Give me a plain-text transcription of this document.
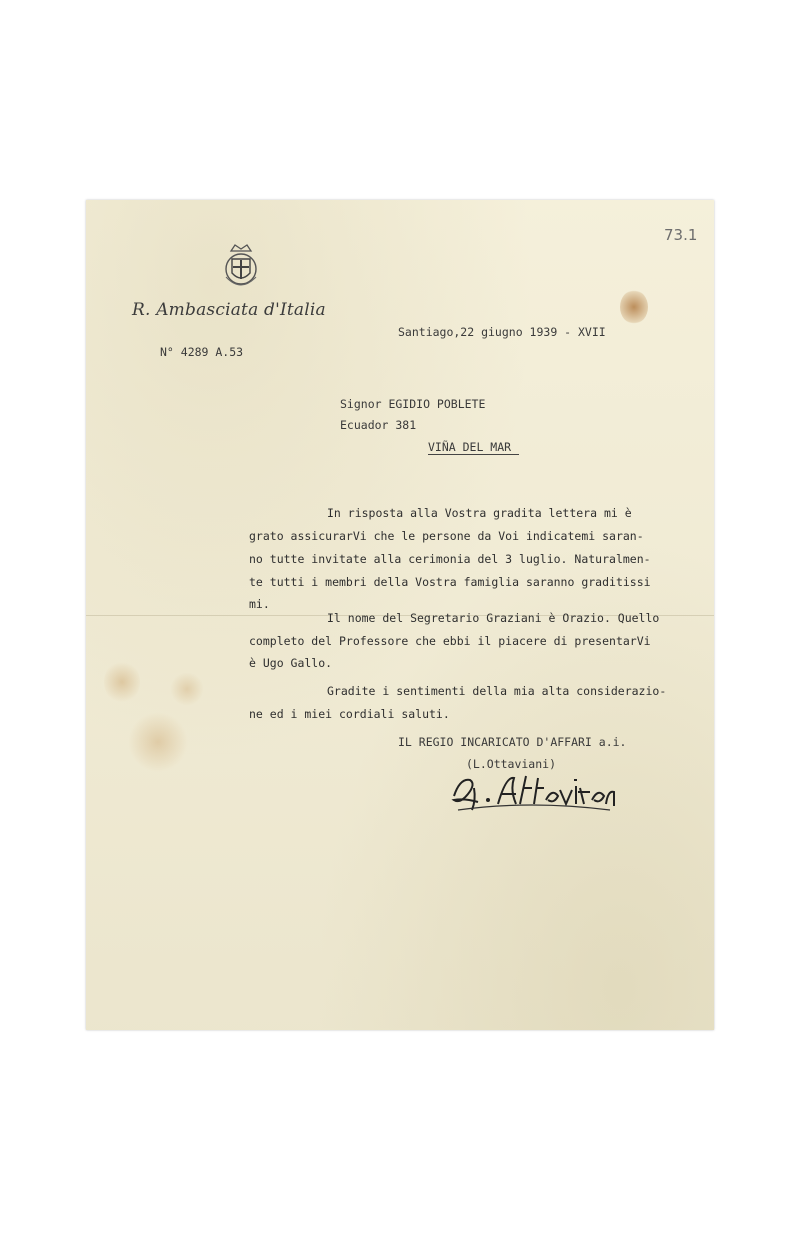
R. Ambasciata d'Italia
73.1
Santiago,22 giugno 1939 - XVII
N° 4289 A.53
Signor EGIDIO POBLETE
Ecuador 381
VIÑA DEL MAR
In risposta alla Vostra gradita lettera mi è
grato assicurarVi che le persone da Voi indicatemi saran-
no tutte invitate alla cerimonia del 3 luglio. Naturalmen-
te tutti i membri della Vostra famiglia saranno graditissi
mi.
Il nome del Segretario Graziani è Orazio. Quello
completo del Professore che ebbi il piacere di presentarVi
è Ugo Gallo.
Gradite i sentimenti della mia alta considerazio-
ne ed i miei cordiali saluti.
IL REGIO INCARICATO D'AFFARI a.i.
(L.Ottaviani)
